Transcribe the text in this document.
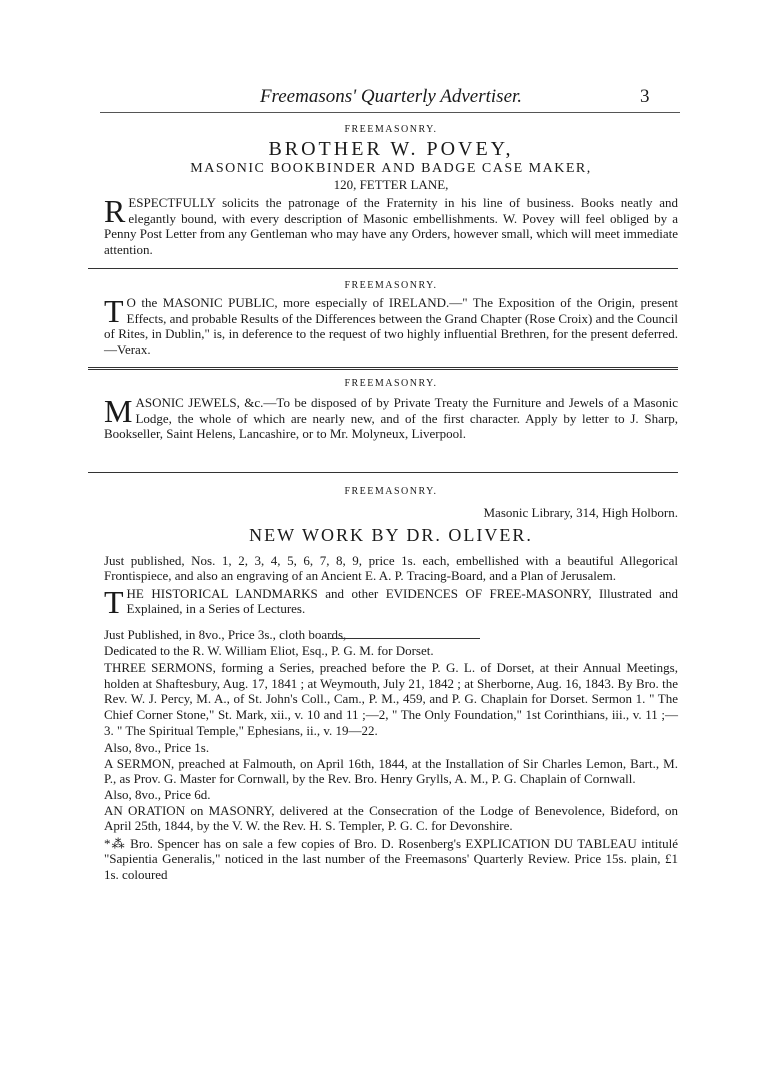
Freemasons' Quarterly Advertiser.	3
FREEMASONRY.
BROTHER W. POVEY,
MASONIC BOOKBINDER AND BADGE CASE MAKER,
120, FETTER LANE,
R ESPECTFULLY solicits the patronage of the Fraternity in his line of business. Books neatly and elegantly bound, with every description of Masonic embellishments. W. Povey will feel obliged by a Penny Post Letter from any Gentleman who may have any Orders, however small, which will meet immediate attention.
FREEMASONRY.
T O the MASONIC PUBLIC, more especially of IRELAND.—" The Exposition of the Origin, present Effects, and probable Results of the Differences between the Grand Chapter (Rose Croix) and the Council of Rites, in Dublin," is, in deference to the request of two highly influential Brethren, for the present deferred.—Verax.
FREEMASONRY.
M ASONIC JEWELS, &c.—To be disposed of by Private Treaty the Furniture and Jewels of a Masonic Lodge, the whole of which are nearly new, and of the first character. Apply by letter to J. Sharp, Bookseller, Saint Helens, Lancashire, or to Mr. Molyneux, Liverpool.
FREEMASONRY.
Masonic Library, 314, High Holborn.
NEW WORK BY DR. OLIVER.
Just published, Nos. 1, 2, 3, 4, 5, 6, 7, 8, 9, price 1s. each, embellished with a beautiful Allegorical Frontispiece, and also an engraving of an Ancient E. A. P. Tracing-Board, and a Plan of Jerusalem.
T HE HISTORICAL LANDMARKS and other EVIDENCES OF FREE-MASONRY, Illustrated and Explained, in a Series of Lectures.
Just Published, in 8vo., Price 3s., cloth boards,
Dedicated to the R. W. William Eliot, Esq., P. G. M. for Dorset.
THREE SERMONS, forming a Series, preached before the P. G. L. of Dorset, at their Annual Meetings, holden at Shaftesbury, Aug. 17, 1841 ; at Weymouth, July 21, 1842 ; at Sherborne, Aug. 16, 1843. By Bro. the Rev. W. J. Percy, M. A., of St. John's Coll., Cam., P. M., 459, and P. G. Chaplain for Dorset. Sermon 1. " The Chief Corner Stone," St. Mark, xii., v. 10 and 11 ;—2, " The Only Foundation," 1st Corinthians, iii., v. 11 ;—3. " The Spiritual Temple," Ephesians, ii., v. 19—22.
Also, 8vo., Price 1s.
A SERMON, preached at Falmouth, on April 16th, 1844, at the Installation of Sir Charles Lemon, Bart., M. P., as Prov. G. Master for Cornwall, by the Rev. Bro. Henry Grylls, A. M., P. G. Chaplain of Cornwall.
Also, 8vo., Price 6d.
AN ORATION on MASONRY, delivered at the Consecration of the Lodge of Benevolence, Bideford, on April 25th, 1844, by the V. W. the Rev. H. S. Templer, P. G. C. for Devonshire.
*⁂ Bro. Spencer has on sale a few copies of Bro. D. Rosenberg's EXPLICATION DU TABLEAU intitulé "Sapientia Generalis," noticed in the last number of the Freemasons' Quarterly Review. Price 15s. plain, £1 1s. coloured
